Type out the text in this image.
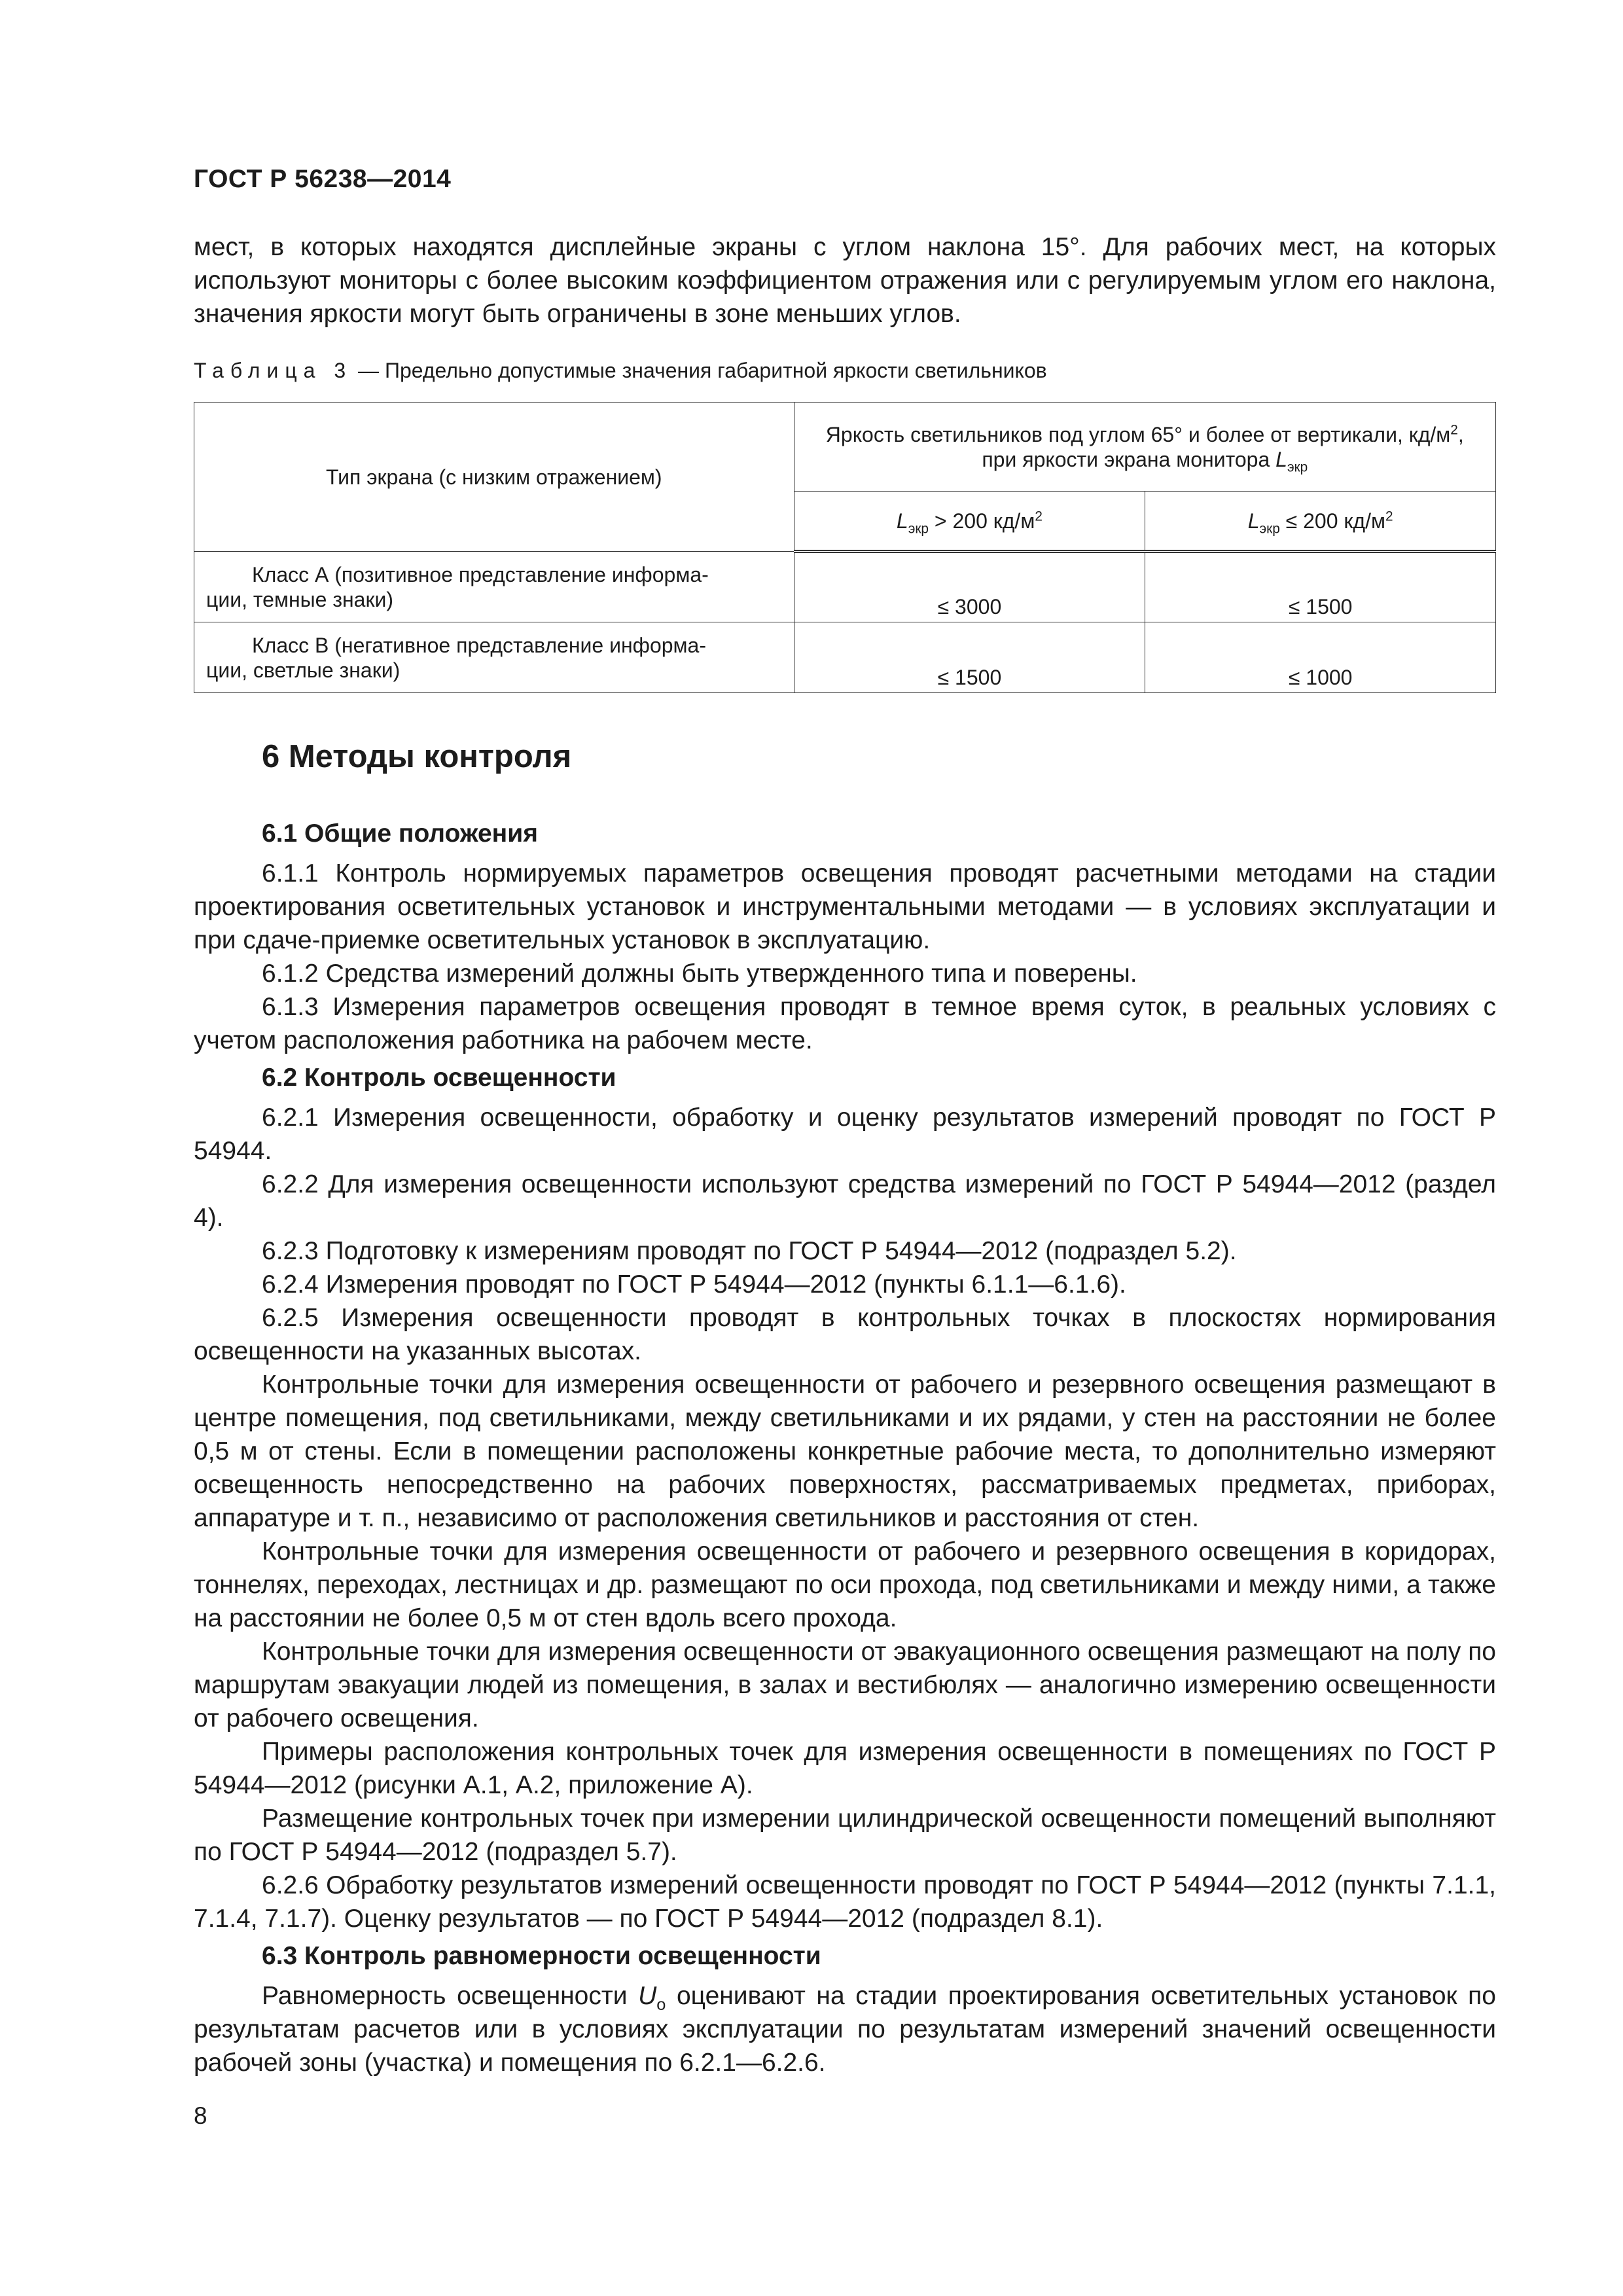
ГОСТ Р 56238—2014

мест, в которых находятся дисплейные экраны с углом наклона 15°. Для рабочих мест, на которых используют мониторы с более высоким коэффициентом отражения или с регулируемым углом его наклона, значения яркости могут быть ограничены в зоне меньших углов.

Таблица 3 — Предельно допустимые значения габаритной яркости светильников
Тип экрана (с низким отражением)	Яркость светильников под углом 65° и более от вертикали, $кд/м^2$,
при яркости экрана монитора $L_{экр}$
	$L_{экр} > 200$ $кд/м^2$	$L_{экр} \le 200$ $кд/м^2$

Класс А (позитивное представление информа-
ции, темные знаки)	≤ 3000	≤ 1500

Класс В (негативное представление информа-
ции, светлые знаки)	≤ 1500	≤ 1000
6 Методы контроля

6.1 Общие положения

6.1.1 Контроль нормируемых параметров освещения проводят расчетными методами на стадии проектирования осветительных установок и инструментальными методами — в условиях эксплуатации и при сдаче-приемке осветительных установок в эксплуатацию.

6.1.2 Средства измерений должны быть утвержденного типа и поверены.

6.1.3 Измерения параметров освещения проводят в темное время суток, в реальных условиях с учетом расположения работника на рабочем месте.

6.2 Контроль освещенности

6.2.1 Измерения освещенности, обработку и оценку результатов измерений проводят по ГОСТ Р 54944.

6.2.2 Для измерения освещенности используют средства измерений по ГОСТ Р 54944—2012 (раздел 4).

6.2.3 Подготовку к измерениям проводят по ГОСТ Р 54944—2012 (подраздел 5.2).

6.2.4 Измерения проводят по ГОСТ Р 54944—2012 (пункты 6.1.1—6.1.6).

6.2.5 Измерения освещенности проводят в контрольных точках в плоскостях нормирования освещенности на указанных высотах.

Контрольные точки для измерения освещенности от рабочего и резервного освещения размещают в центре помещения, под светильниками, между светильниками и их рядами, у стен на расстоянии не более 0,5 м от стены. Если в помещении расположены конкретные рабочие места, то дополнительно измеряют освещенность непосредственно на рабочих поверхностях, рассматриваемых предметах, приборах, аппаратуре и т. п., независимо от расположения светильников и расстояния от стен.

Контрольные точки для измерения освещенности от рабочего и резервного освещения в коридорах, тоннелях, переходах, лестницах и др. размещают по оси прохода, под светильниками и между ними, а также на расстоянии не более 0,5 м от стен вдоль всего прохода.

Контрольные точки для измерения освещенности от эвакуационного освещения размещают на полу по маршрутам эвакуации людей из помещения, в залах и вестибюлях — аналогично измерению освещенности от рабочего освещения.

Примеры расположения контрольных точек для измерения освещенности в помещениях по ГОСТ Р 54944—2012 (рисунки А.1, А.2, приложение А).

Размещение контрольных точек при измерении цилиндрической освещенности помещений выполняют по ГОСТ Р 54944—2012 (подраздел 5.7).

6.2.6 Обработку результатов измерений освещенности проводят по ГОСТ Р 54944—2012 (пункты 7.1.1, 7.1.4, 7.1.7). Оценку результатов — по ГОСТ Р 54944—2012 (подраздел 8.1).

6.3 Контроль равномерности освещенности

Равномерность освещенности $U_о$ оценивают на стадии проектирования осветительных установок по результатам расчетов или в условиях эксплуатации по результатам измерений значений освещенности рабочей зоны (участка) и помещения по 6.2.1—6.2.6.

8
